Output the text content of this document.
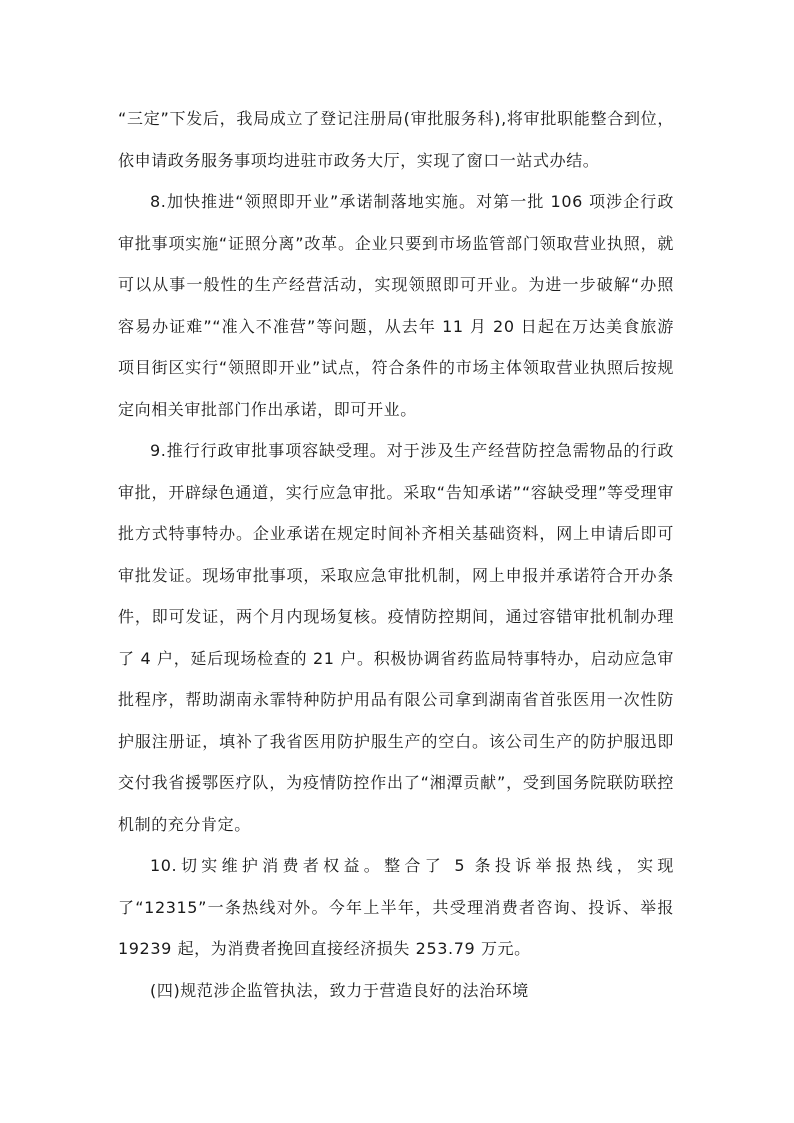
“三定”下发后，我局成立了登记注册局(审批服务科),将审批职能整合到位，依申请政务服务事项均进驻市政务大厅，实现了窗口一站式办结。

8.加快推进“领照即开业”承诺制落地实施。对第一批 106 项涉企行政审批事项实施“证照分离”改革。企业只要到市场监管部门领取营业执照，就可以从事一般性的生产经营活动，实现领照即可开业。为进一步破解“办照容易办证难”“准入不准营”等问题，从去年 11 月 20 日起在万达美食旅游项目街区实行“领照即开业”试点，符合条件的市场主体领取营业执照后按规定向相关审批部门作出承诺，即可开业。

9.推行行政审批事项容缺受理。对于涉及生产经营防控急需物品的行政审批，开辟绿色通道，实行应急审批。采取“告知承诺”“容缺受理”等受理审批方式特事特办。企业承诺在规定时间补齐相关基础资料，网上申请后即可审批发证。现场审批事项，采取应急审批机制，网上申报并承诺符合开办条件，即可发证，两个月内现场复核。疫情防控期间，通过容错审批机制办理了 4 户，延后现场检查的 21 户。积极协调省药监局特事特办，启动应急审批程序，帮助湖南永霏特种防护用品有限公司拿到湖南省首张医用一次性防护服注册证，填补了我省医用防护服生产的空白。该公司生产的防护服迅即交付我省援鄂医疗队，为疫情防控作出了“湘潭贡献”，受到国务院联防联控机制的充分肯定。

10.切实维护消费者权益。整合了 5 条投诉举报热线，实现了“12315”一条热线对外。今年上半年，共受理消费者咨询、投诉、举报 19239 起，为消费者挽回直接经济损失 253.79 万元。

(四)规范涉企监管执法，致力于营造良好的法治环境
